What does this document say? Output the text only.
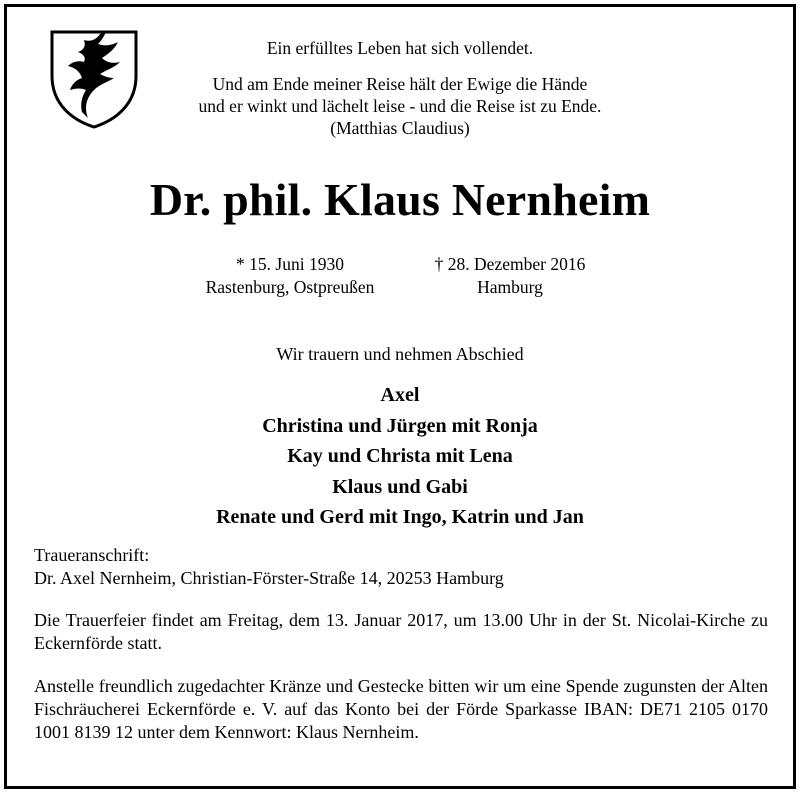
Ein erfülltes Leben hat sich vollendet.
Und am Ende meiner Reise hält der Ewige die Hände
und er winkt und lächelt leise - und die Reise ist zu Ende.
(Matthias Claudius)
Dr. phil. Klaus Nernheim
* 15. Juni 1930
Rastenburg, Ostpreußen
† 28. Dezember 2016
Hamburg
Wir trauern und nehmen Abschied
Axel
Christina und Jürgen mit Ronja
Kay und Christa mit Lena
Klaus und Gabi
Renate und Gerd mit Ingo, Katrin und Jan
Traueranschrift:
Dr. Axel Nernheim, Christian-Förster-Straße 14, 20253 Hamburg
Die Trauerfeier findet am Freitag, dem 13. Januar 2017, um 13.00 Uhr in der St. Nicolai-Kirche zu Eckernförde statt.
Anstelle freundlich zugedachter Kränze und Gestecke bitten wir um eine Spende zugunsten der Alten Fischräucherei Eckernförde e. V. auf das Konto bei der Förde Sparkasse IBAN: DE71 2105 0170 1001 8139 12 unter dem Kennwort: Klaus Nernheim.
